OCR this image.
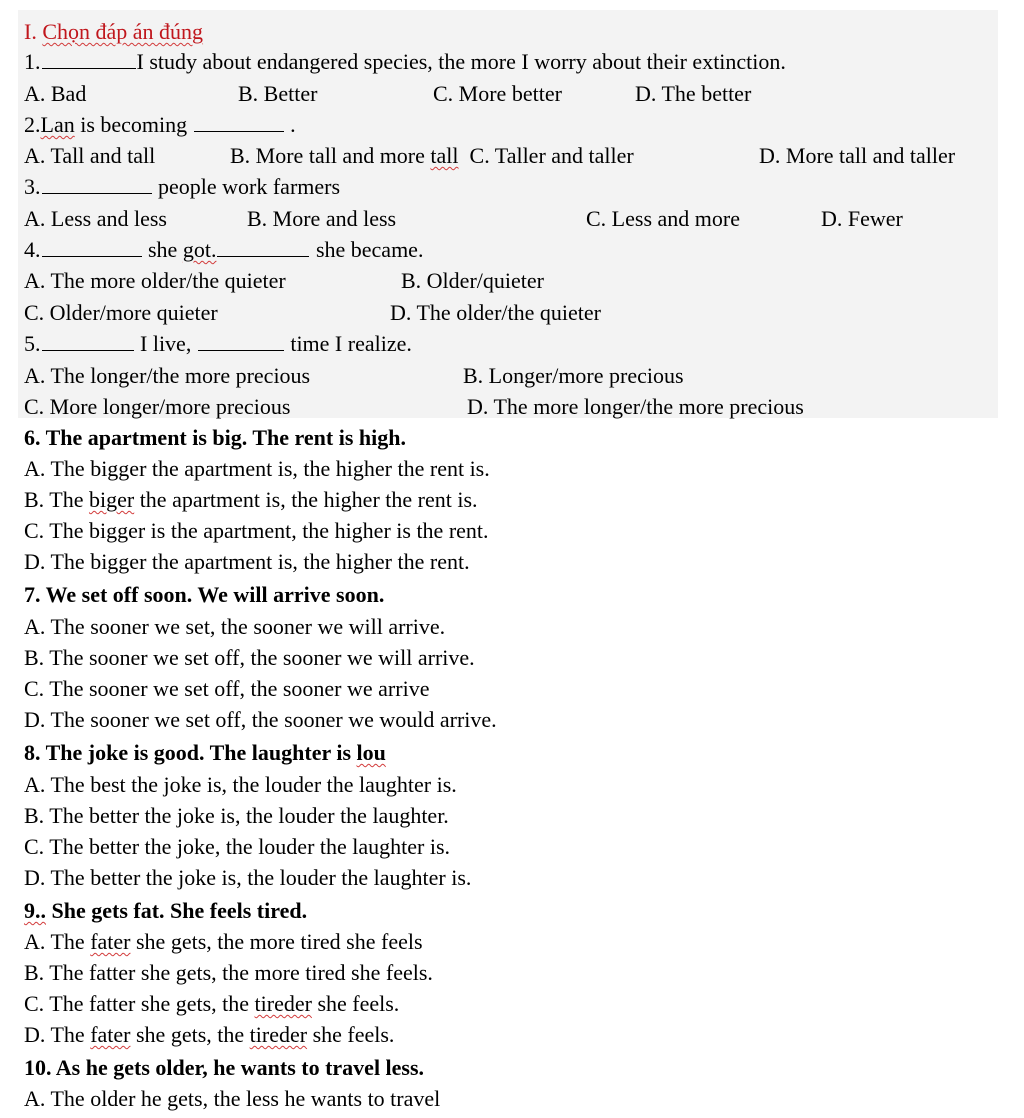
I. Chọn đáp án đúng
1.	I study about endangered species, the more I worry about their extinction.
A. Bad	B. Better	C. More better	D. The better
2.Lan is becoming	.
A. Tall and tall	B. More tall and more tall  C. Taller and taller	D. More tall and taller
3.	people work farmers
A. Less and less	B. More and less	C. Less and more	D. Fewer
4.	she got.	she became.
A. The more older/the quieter	B. Older/quieter
C. Older/more quieter	D. The older/the quieter
5.	I live,	time I realize.
A. The longer/the more precious	B. Longer/more precious
C. More longer/more precious	D. The more longer/the more precious
6. The apartment is big. The rent is high.
A. The bigger the apartment is, the higher the rent is.
B. The biger the apartment is, the higher the rent is.
C. The bigger is the apartment, the higher is the rent.
D. The bigger the apartment is, the higher the rent.
7. We set off soon. We will arrive soon.
A. The sooner we set, the sooner we will arrive.
B. The sooner we set off, the sooner we will arrive.
C. The sooner we set off, the sooner we arrive
D. The sooner we set off, the sooner we would arrive.
8. The joke is good. The laughter is lou
A. The best the joke is, the louder the laughter is.
B. The better the joke is, the louder the laughter.
C. The better the joke, the louder the laughter is.
D. The better the joke is, the louder the laughter is.
9.. She gets fat. She feels tired.
A. The fater she gets, the more tired she feels
B. The fatter she gets, the more tired she feels.
C. The fatter she gets, the tireder she feels.
D. The fater she gets, the tireder she feels.
10. As he gets older, he wants to travel less.
A. The older he gets, the less he wants to travel
